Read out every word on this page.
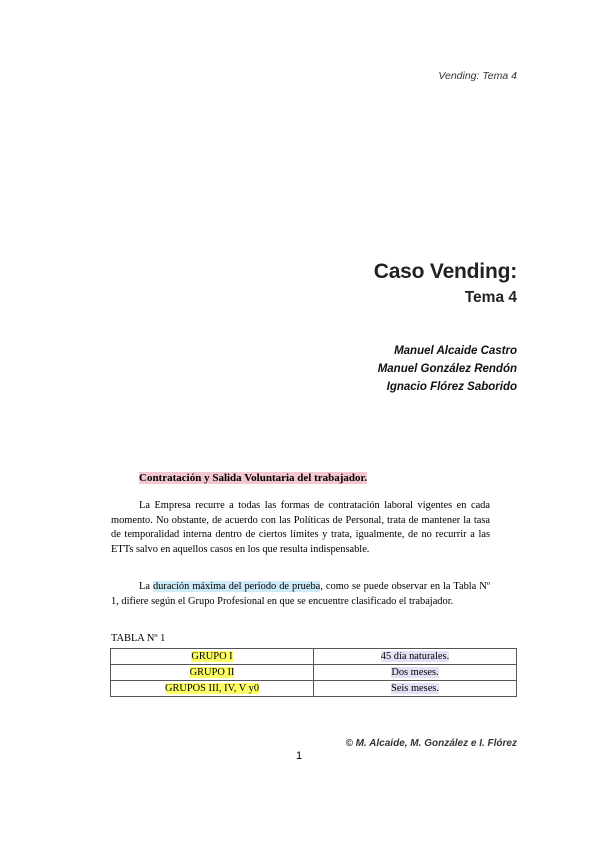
Vending: Tema 4
Caso Vending:
Tema 4
Manuel Alcaide Castro
Manuel González Rendón
Ignacio Flórez Saborido
Contratación y Salida Voluntaria del trabajador.

La Empresa recurre a todas las formas de contratación laboral vigentes en cada momento. No obstante, de acuerdo con las Políticas de Personal, trata de mantener la tasa de temporalidad interna dentro de ciertos límites y trata, igualmente, de no recurrir a las ETTs salvo en aquellos casos en los que resulta indispensable.

La duración máxima del periodo de prueba, como se puede observar en la Tabla Nº 1, difiere según el Grupo Profesional en que se encuentre clasificado el trabajador.

TABLA Nº 1
GRUPO I	45 día naturales.
GRUPO II	Dos meses.
GRUPOS III, IV, V y0	Seis meses.
© M. Alcaide, M. González e I. Flórez
1
